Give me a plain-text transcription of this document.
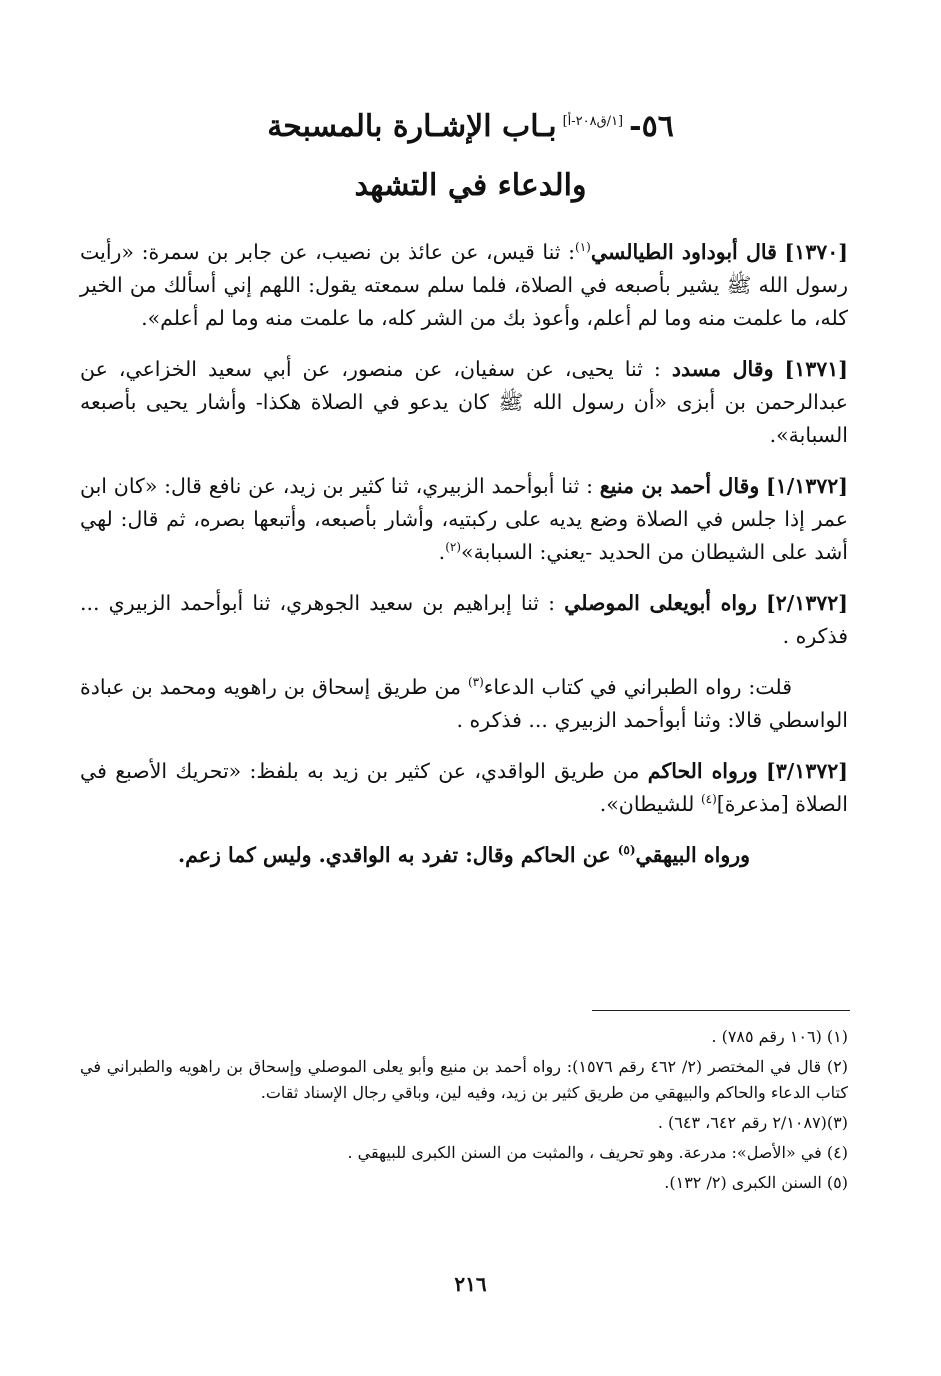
٥٦-[١/ق٢٠٨-أ]بـاب الإشـارة بالمسبحة
والدعاء في التشهد

[١٣٧٠] قال أبوداود الطيالسي$^{(١)}$: ثنا قيس، عن عائذ بن نصيب، عن جابر بن سمرة: «رأيت رسول الله ﷺ يشير بأصبعه في الصلاة، فلما سلم سمعته يقول: اللهم إني أسألك من الخير كله، ما علمت منه وما لم أعلم، وأعوذ بك من الشر كله، ما علمت منه وما لم أعلم».

[١٣٧١] وقال مسدد : ثنا يحيى، عن سفيان، عن منصور، عن أبي سعيد الخزاعي، عن عبدالرحمن بن أبزى «أن رسول الله ﷺ كان يدعو في الصلاة هكذا- وأشار يحيى بأصبعه السبابة».

[١/١٣٧٢] وقال أحمد بن منيع : ثنا أبوأحمد الزبيري، ثنا كثير بن زيد، عن نافع قال: «كان ابن عمر إذا جلس في الصلاة وضع يديه على ركبتيه، وأشار بأصبعه، وأتبعها بصره، ثم قال: لهي أشد على الشيطان من الحديد -يعني: السبابة»$^{(٢)}$.

[٢/١٣٧٢] رواه أبويعلى الموصلي : ثنا إبراهيم بن سعيد الجوهري، ثنا أبوأحمد الزبيري ... فذكره .

قلت: رواه الطبراني في كتاب الدعاء$^{(٣)}$ من طريق إسحاق بن راهويه ومحمد بن عبادة الواسطي قالا: وثنا أبوأحمد الزبيري ... فذكره .

[٣/١٣٧٢] ورواه الحاكم من طريق الواقدي، عن كثير بن زيد به بلفظ: «تحريك الأصبع في الصلاة [مذعرة]$^{(٤)}$ للشيطان».

ورواه البيهقي$^{(٥)}$ عن الحاكم وقال: تفرد به الواقدي. وليس كما زعم.

(١) (١٠٦ رقم ٧٨٥) .

(٢) قال في المختصر (٢/ ٤٦٢ رقم ١٥٧٦): رواه أحمد بن منيع وأبو يعلى الموصلي وإسحاق بن راهويه والطبراني في كتاب الدعاء والحاكم والبيهقي من طريق كثير بن زيد، وفيه لين، وباقي رجال الإسناد ثقات.

(٣)(٢/١٠٨٧ رقم ٦٤٢، ٦٤٣) .

(٤) في «الأصل»: مدرعة. وهو تحريف ، والمثبت من السنن الكبرى للبيهقي .

(٥) السنن الكبرى (٢/ ١٣٢).

٢١٦
